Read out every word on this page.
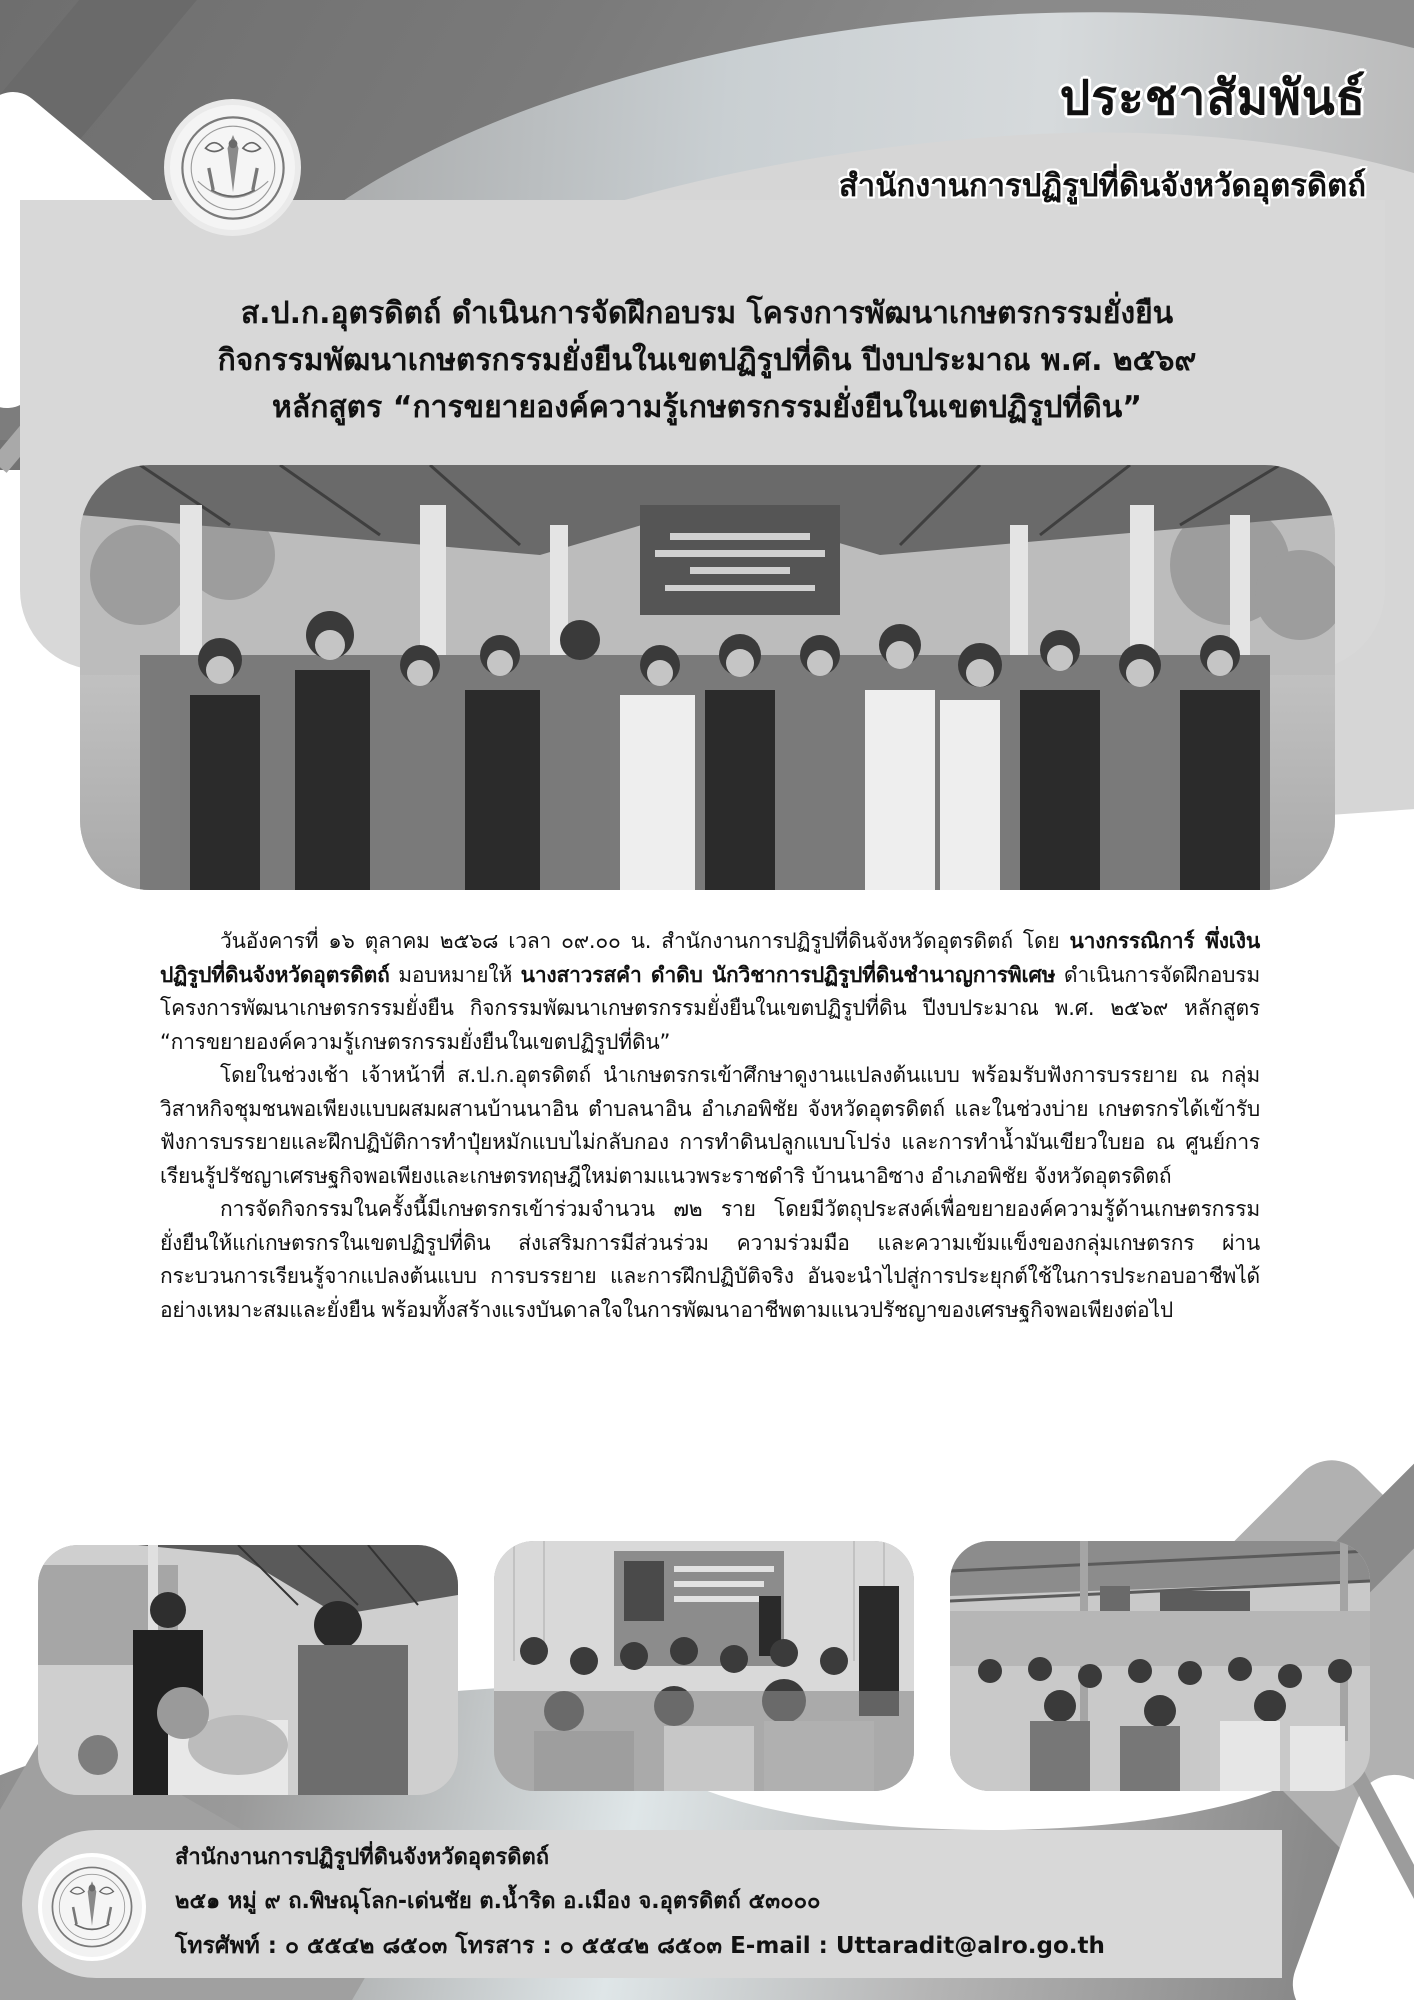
ประชาสัมพันธ์
สำนักงานการปฏิรูปที่ดินจังหวัดอุตรดิตถ์
ส.ป.ก.อุตรดิตถ์ ดำเนินการจัดฝึกอบรม โครงการพัฒนาเกษตรกรรมยั่งยืน
กิจกรรมพัฒนาเกษตรกรรมยั่งยืนในเขตปฏิรูปที่ดิน ปีงบประมาณ พ.ศ. ๒๕๖๙
หลักสูตร “การขยายองค์ความรู้เกษตรกรรมยั่งยืนในเขตปฏิรูปที่ดิน”

วันอังคารที่ ๑๖ ตุลาคม ๒๕๖๘ เวลา ๐๙.๐๐ น. สำนักงานการปฏิรูปที่ดินจังหวัดอุตรดิตถ์ โดย นางกรรณิการ์ พึ่งเงิน ปฏิรูปที่ดินจังหวัดอุตรดิตถ์ มอบหมายให้ นางสาวรสคำ ดำดิบ นักวิชาการปฏิรูปที่ดินชำนาญการพิเศษ ดำเนินการจัดฝึกอบรมโครงการพัฒนาเกษตรกรรมยั่งยืน กิจกรรมพัฒนาเกษตรกรรมยั่งยืนในเขตปฏิรูปที่ดิน ปีงบประมาณ พ.ศ. ๒๕๖๙ หลักสูตร “การขยายองค์ความรู้เกษตรกรรมยั่งยืนในเขตปฏิรูปที่ดิน”

โดยในช่วงเช้า เจ้าหน้าที่ ส.ป.ก.อุตรดิตถ์ นำเกษตรกรเข้าศึกษาดูงานแปลงต้นแบบ พร้อมรับฟังการบรรยาย ณ กลุ่มวิสาหกิจชุมชนพอเพียงแบบผสมผสานบ้านนาอิน ตำบลนาอิน อำเภอพิชัย จังหวัดอุตรดิตถ์ และในช่วงบ่าย เกษตรกรได้เข้ารับฟังการบรรยายและฝึกปฏิบัติการทำปุ๋ยหมักแบบไม่กลับกอง การทำดินปลูกแบบโปร่ง และการทำน้ำมันเขียวใบยอ ณ ศูนย์การเรียนรู้ปรัชญาเศรษฐกิจพอเพียงและเกษตรทฤษฎีใหม่ตามแนวพระราชดำริ บ้านนาอิซาง อำเภอพิชัย จังหวัดอุตรดิตถ์

การจัดกิจกรรมในครั้งนี้มีเกษตรกรเข้าร่วมจำนวน ๗๒ ราย โดยมีวัตถุประสงค์เพื่อขยายองค์ความรู้ด้านเกษตรกรรมยั่งยืนให้แก่เกษตรกรในเขตปฏิรูปที่ดิน ส่งเสริมการมีส่วนร่วม ความร่วมมือ และความเข้มแข็งของกลุ่มเกษตรกร ผ่านกระบวนการเรียนรู้จากแปลงต้นแบบ การบรรยาย และการฝึกปฏิบัติจริง อันจะนำไปสู่การประยุกต์ใช้ในการประกอบอาชีพได้อย่างเหมาะสมและยั่งยืน พร้อมทั้งสร้างแรงบันดาลใจในการพัฒนาอาชีพตามแนวปรัชญาของเศรษฐกิจพอเพียงต่อไป

สำนักงานการปฏิรูปที่ดินจังหวัดอุตรดิตถ์
๒๕๑ หมู่ ๙ ถ.พิษณุโลก-เด่นชัย ต.น้ำริด อ.เมือง จ.อุตรดิตถ์ ๕๓๐๐๐
โทรศัพท์ : ๐ ๕๕๔๒ ๘๕๐๓ โทรสาร : ๐ ๕๕๔๒ ๘๕๐๓ E-mail : Uttaradit@alro.go.th
